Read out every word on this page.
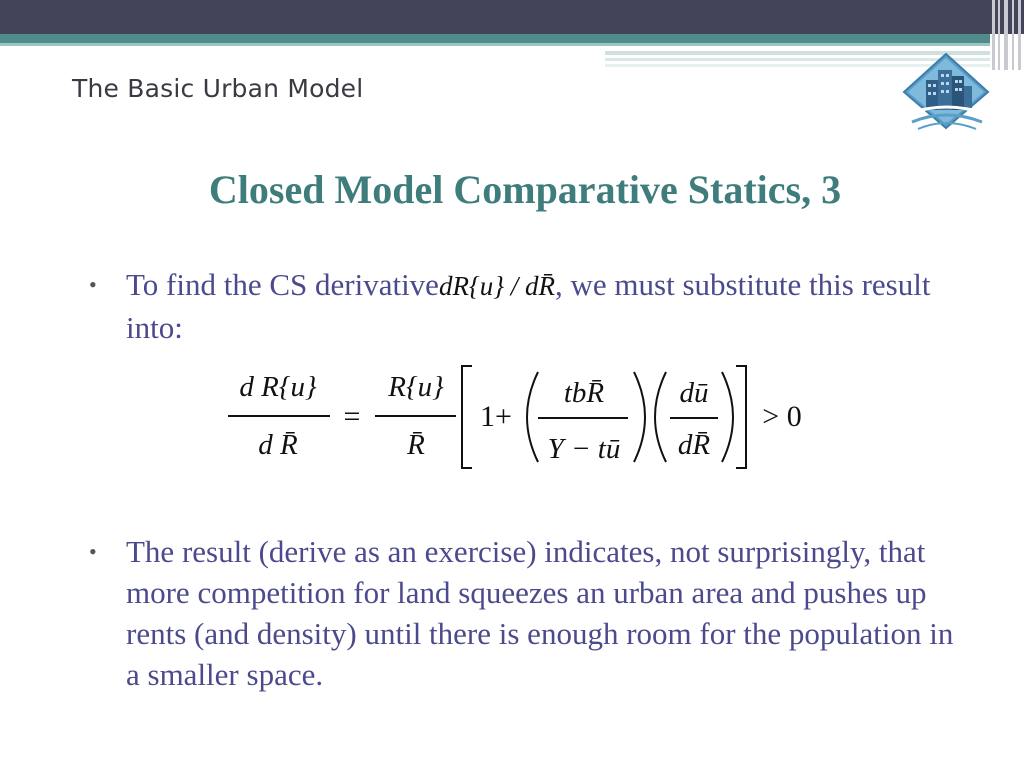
The Basic Urban Model
Closed Model Comparative Statics, 3
• To find the CS derivativedR{u} / dR̄, we must substitute this result into:
d R{u}
d R̄
=
R{u}
R̄
1+
tbR̄
Y − tū
dū
dR̄
> 0
• The result (derive as an exercise) indicates, not surprisingly, that more competition for land squeezes an urban area and pushes up rents (and density) until there is enough room for the population in a smaller space.
